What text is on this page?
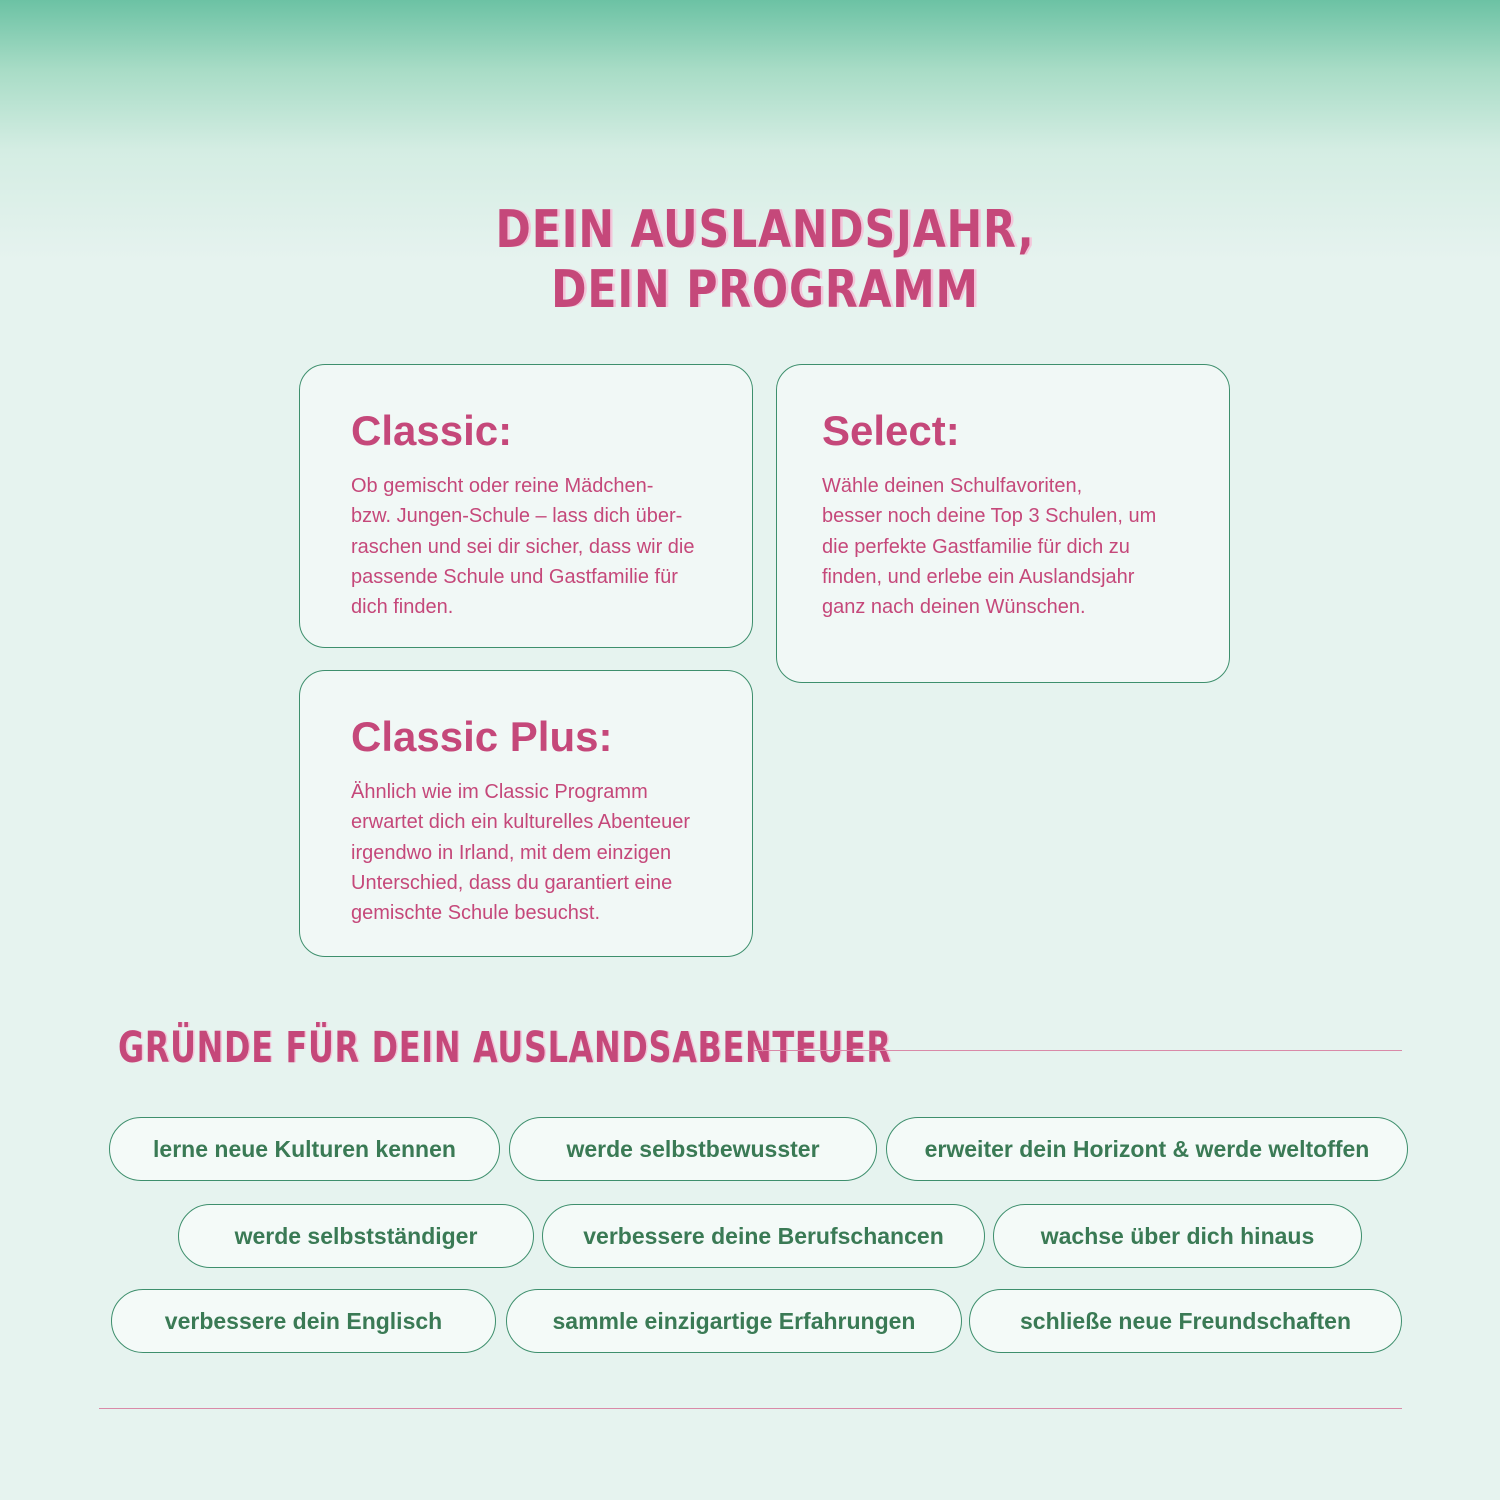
DEIN AUSLANDSJAHR,
DEIN PROGRAMM
Classic:

Ob gemischt oder reine Mädchen-
bzw. Jungen-Schule – lass dich über-
raschen und sei dir sicher, dass wir die
passende Schule und Gastfamilie für
dich finden.

Select:

Wähle deinen Schulfavoriten,
besser noch deine Top 3 Schulen, um
die perfekte Gastfamilie für dich zu
finden, und erlebe ein Auslandsjahr
ganz nach deinen Wünschen.

Classic Plus:

Ähnlich wie im Classic Programm
erwartet dich ein kulturelles Abenteuer
irgendwo in Irland, mit dem einzigen
Unterschied, dass du garantiert eine
gemischte Schule besuchst.

GRÜNDE FÜR DEIN AUSLANDSABENTEUER
lerne neue Kulturen kennen	werde selbstbewusster	erweiter dein Horizont & werde weltoffen
werde selbstständiger	verbessere deine Berufschancen	wachse über dich hinaus
verbessere dein Englisch	sammle einzigartige Erfahrungen	schließe neue Freundschaften
